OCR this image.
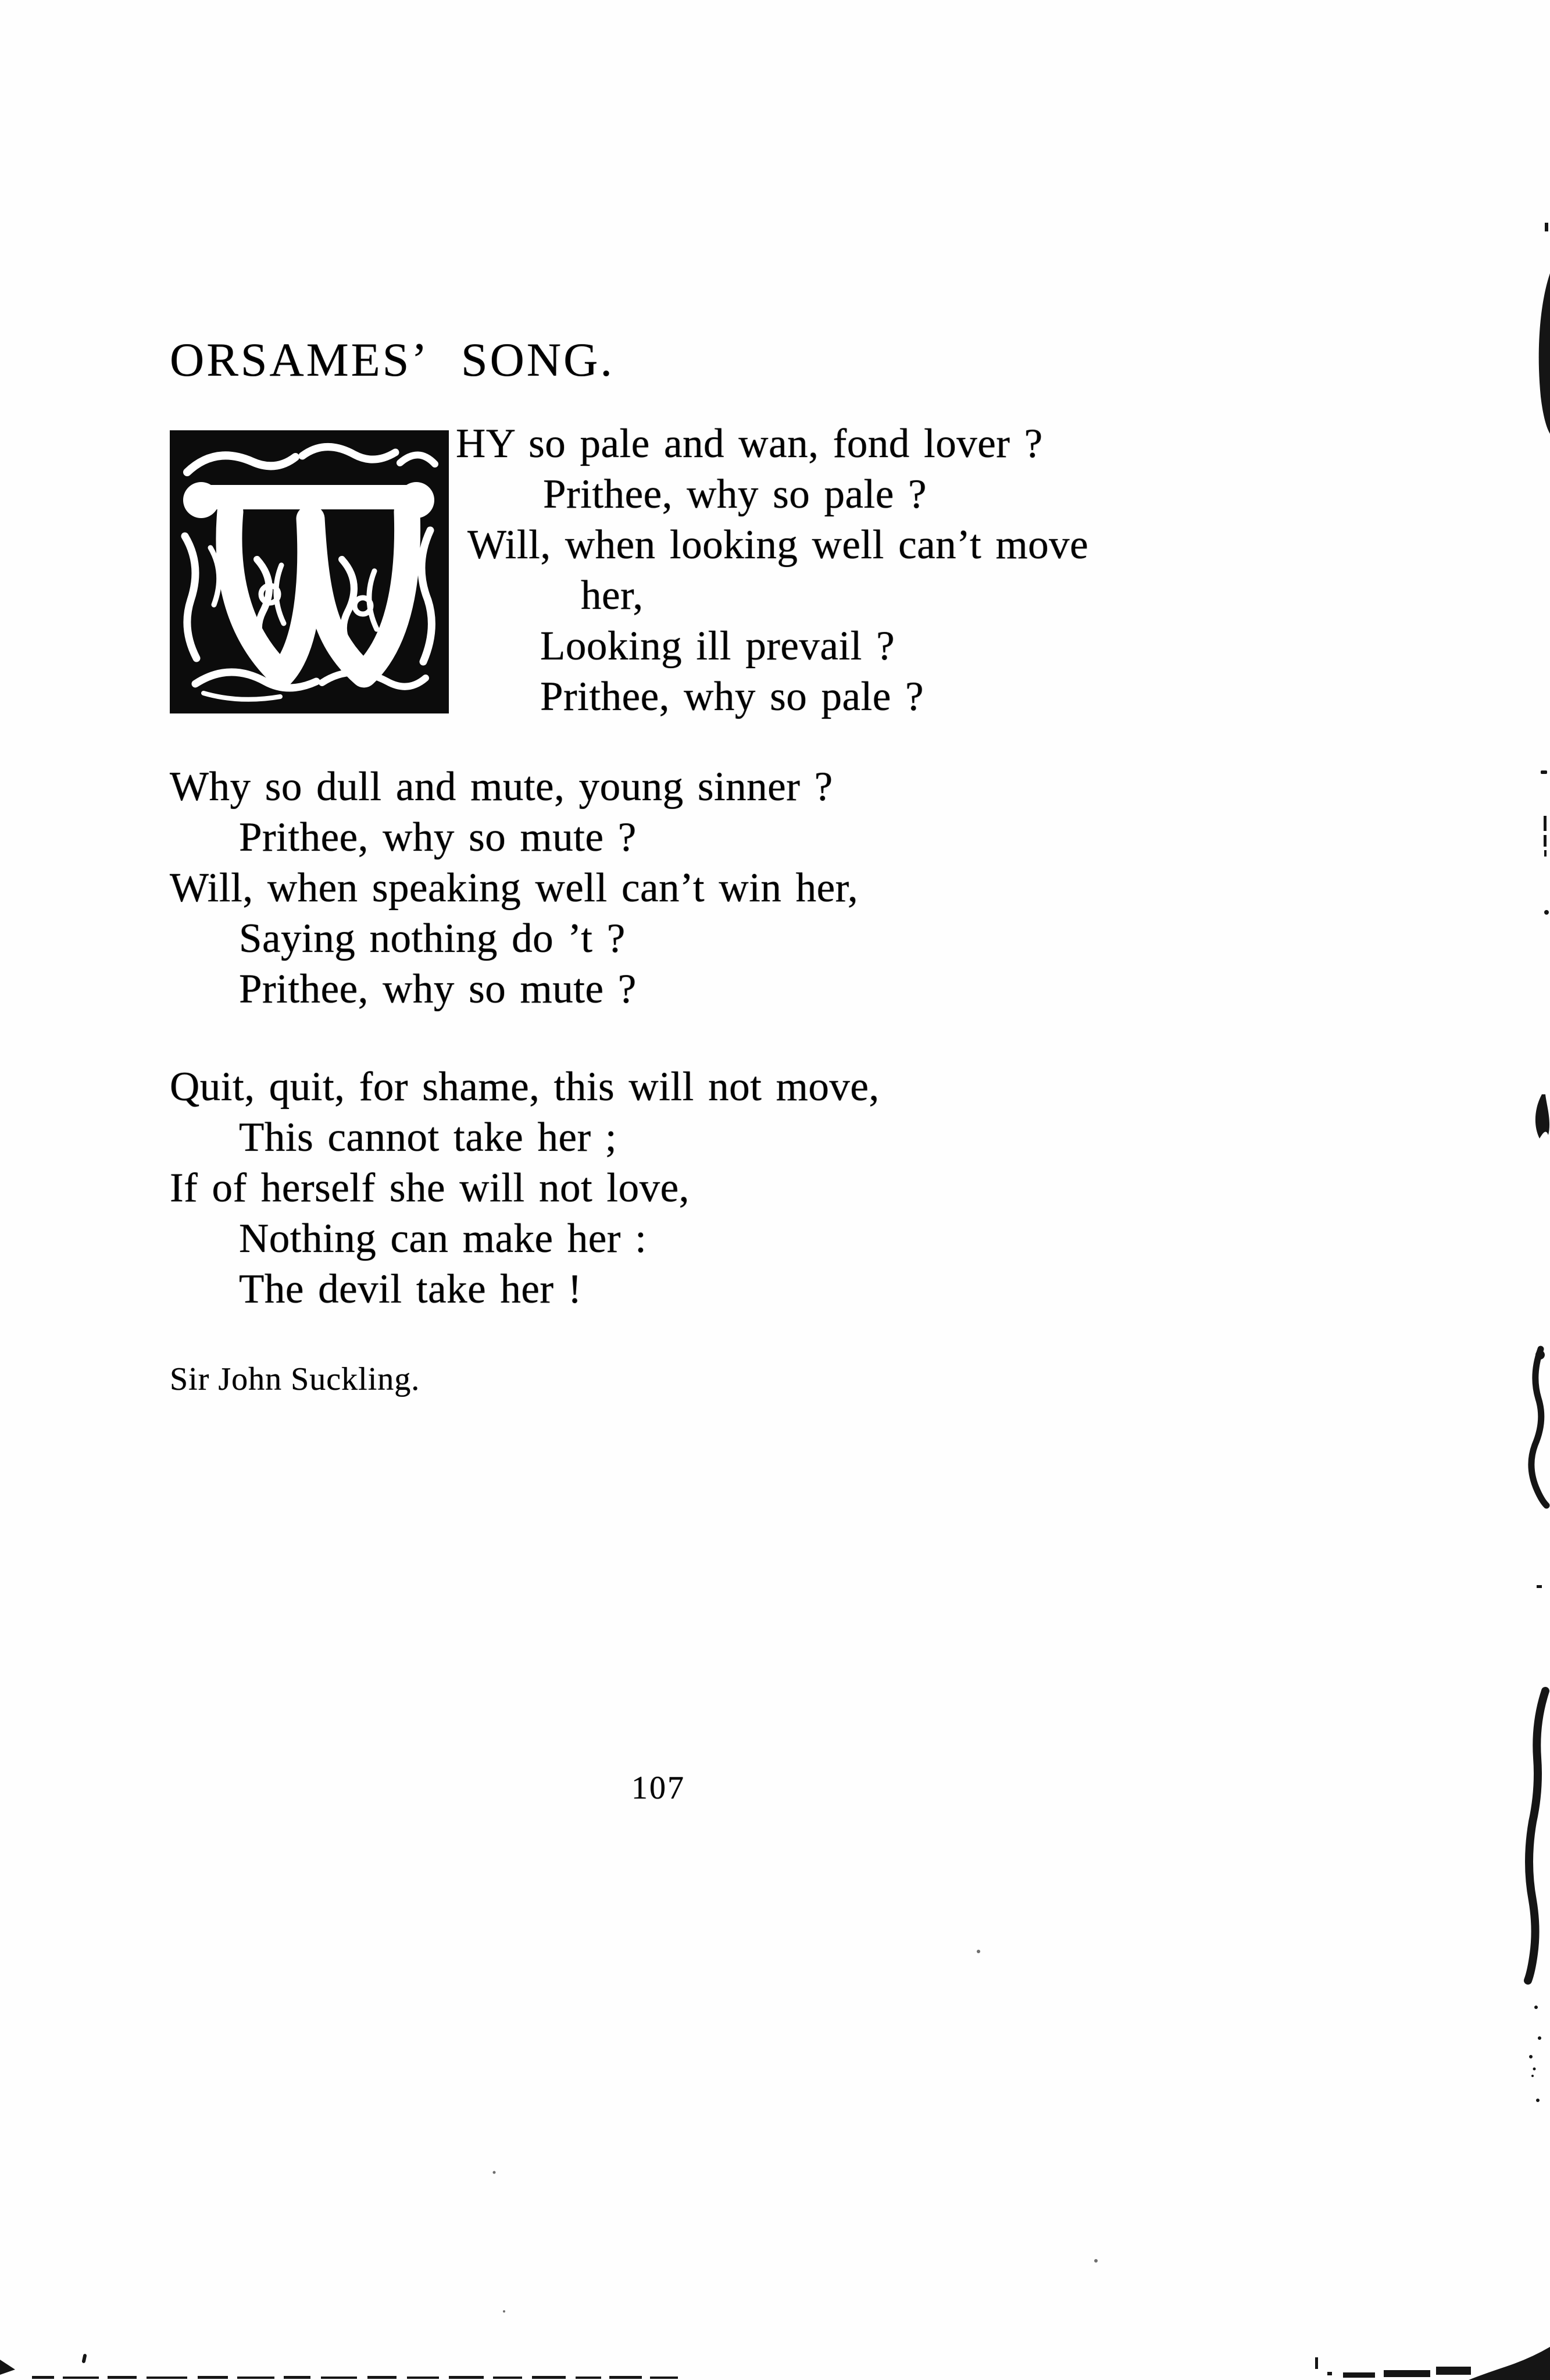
ORSAMES’ SONG.
HY so pale and wan, fond lover ?
Prithee, why so pale ?
Will, when looking well can’t move
her,
Looking ill prevail ?
Prithee, why so pale ?
Why so dull and mute, young sinner ?
Prithee, why so mute ?
Will, when speaking well can’t win her,
Saying nothing do ’t ?
Prithee, why so mute ?
Quit, quit, for shame, this will not move,
This cannot take her ;
If of herself she will not love,
Nothing can make her :
The devil take her !
Sir John Suckling.
107
